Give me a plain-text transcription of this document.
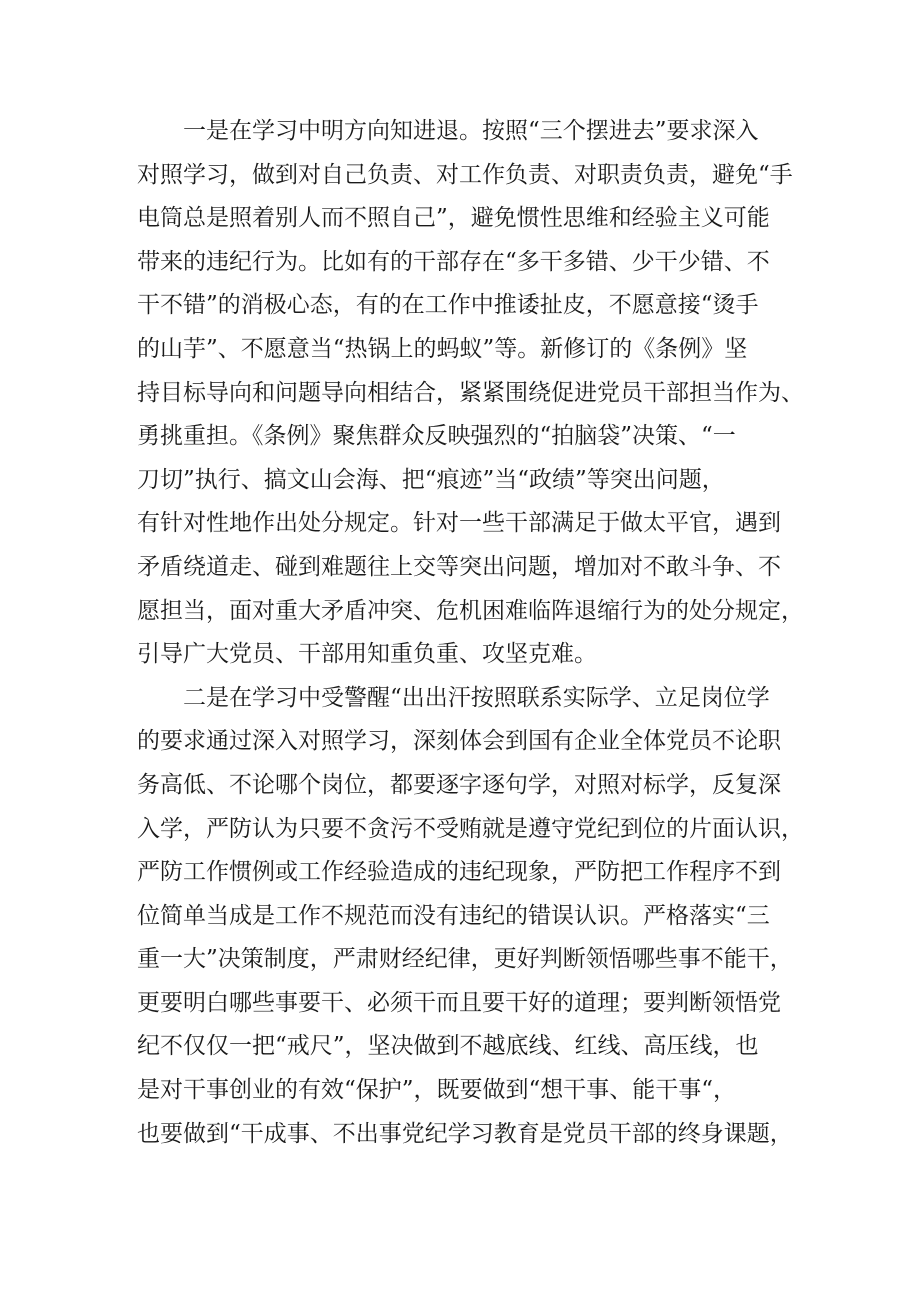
一是在学习中明方向知进退。按照“三个摆进去”要求深入
对照学习，做到对自己负责、对工作负责、对职责负责，避免“手
电筒总是照着别人而不照自己”，避免惯性思维和经验主义可能
带来的违纪行为。比如有的干部存在“多干多错、少干少错、不
干不错”的消极心态，有的在工作中推诿扯皮，不愿意接“烫手
的山芋”、不愿意当“热锅上的蚂蚁”等。新修订的《条例》坚
持目标导向和问题导向相结合，紧紧围绕促进党员干部担当作为、
勇挑重担。《条例》聚焦群众反映强烈的“拍脑袋”决策、“一
刀切”执行、搞文山会海、把“痕迹”当“政绩”等突出问题，
有针对性地作出处分规定。针对一些干部满足于做太平官，遇到
矛盾绕道走、碰到难题往上交等突出问题，增加对不敢斗争、不
愿担当，面对重大矛盾冲突、危机困难临阵退缩行为的处分规定，
引导广大党员、干部用知重负重、攻坚克难。
二是在学习中受警醒“出出汗按照联系实际学、立足岗位学
的要求通过深入对照学习，深刻体会到国有企业全体党员不论职
务高低、不论哪个岗位，都要逐字逐句学，对照对标学，反复深
入学，严防认为只要不贪污不受贿就是遵守党纪到位的片面认识，
严防工作惯例或工作经验造成的违纪现象，严防把工作程序不到
位简单当成是工作不规范而没有违纪的错误认识。严格落实“三
重一大”决策制度，严肃财经纪律，更好判断领悟哪些事不能干，
更要明白哪些事要干、必须干而且要干好的道理；要判断领悟党
纪不仅仅一把“戒尺”，坚决做到不越底线、红线、高压线，也
是对干事创业的有效“保护”，既要做到“想干事、能干事“，
也要做到“干成事、不出事党纪学习教育是党员干部的终身课题，
